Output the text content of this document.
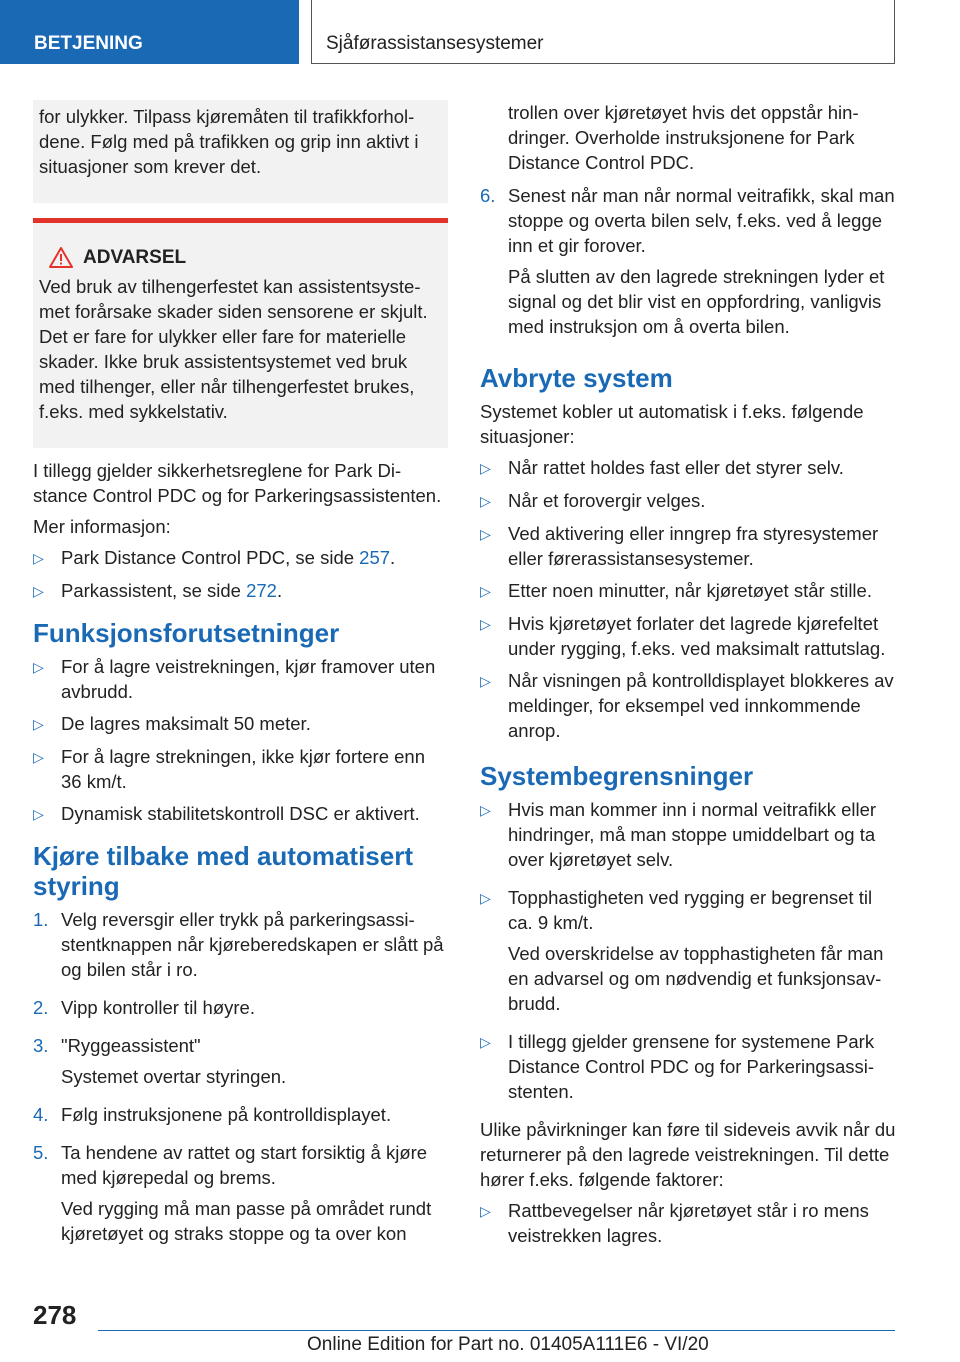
BETJENING	Sjåførassistansesystemer

for ulykker. Tilpass kjøremåten til trafikkforholdene. Følg med på trafikken og grip inn aktivt i situasjoner som krever det.

ADVARSEL

Ved bruk av tilhengerfestet kan assistentsystemet forårsake skader siden sensorene er skjult. Det er fare for ulykker eller fare for materielle skader. Ikke bruk assistentsystemet ved bruk med tilhenger, eller når tilhengerfestet brukes, f.eks. med sykkelstativ.

I tillegg gjelder sikkerhetsreglene for Park Distance Control PDC og for Parkeringsassistenten.

Mer informasjon:

▷ Park Distance Control PDC, se side 257.
▷ Parkassistent, se side 272.
Funksjonsforutsetninger
▷ For å lagre veistrekningen, kjør framover uten avbrudd.
▷ De lagres maksimalt 50 meter.
▷ For å lagre strekningen, ikke kjør fortere enn 36 km/t.
▷ Dynamisk stabilitetskontroll DSC er aktivert.
Kjøre tilbake med automatisert styring
1. Velg reversgir eller trykk på parkeringsassistentknappen når kjøreberedskapen er slått på og bilen står i ro.

2. Vipp kontroller til høyre.

3. "Ryggeassistent"

Systemet overtar styringen.

4. Følg instruksjonene på kontrolldisplayet.

5. Ta hendene av rattet og start forsiktig å kjøre med kjørepedal og brems.

Ved rygging må man passe på området rundt kjøretøyet og straks stoppe og ta over kon

trollen over kjøretøyet hvis det oppstår hindringer. Overholde instruksjonene for Park Distance Control PDC.

6. Senest når man når normal veitrafikk, skal man stoppe og overta bilen selv, f.eks. ved å legge inn et gir forover.

På slutten av den lagrede strekningen lyder et signal og det blir vist en oppfordring, vanligvis med instruksjon om å overta bilen.

Avbryte system

Systemet kobler ut automatisk i f.eks. følgende situasjoner:

▷ Når rattet holdes fast eller det styrer selv.
▷ Når et forovergir velges.
▷ Ved aktivering eller inngrep fra styresystemer eller førerassistansesystemer.
▷ Etter noen minutter, når kjøretøyet står stille.
▷ Hvis kjøretøyet forlater det lagrede kjørefeltet under rygging, f.eks. ved maksimalt rattutslag.
▷ Når visningen på kontrolldisplayet blokkeres av meldinger, for eksempel ved innkommende anrop.
Systembegrensninger
▷ Hvis man kommer inn i normal veitrafikk eller hindringer, må man stoppe umiddelbart og ta over kjøretøyet selv.

▷ Topphastigheten ved rygging er begrenset til ca. 9 km/t.

Ved overskridelse av topphastigheten får man en advarsel og om nødvendig et funksjonsavbrudd.

▷ I tillegg gjelder grensene for systemene Park Distance Control PDC og for Parkeringsassistenten.

Ulike påvirkninger kan føre til sideveis avvik når du returnerer på den lagrede veistrekningen. Til dette hører f.eks. følgende faktorer:

▷ Rattbevegelser når kjøretøyet står i ro mens veistrekken lagres.
278
Online Edition for Part no. 01405A111E6 - VI/20
